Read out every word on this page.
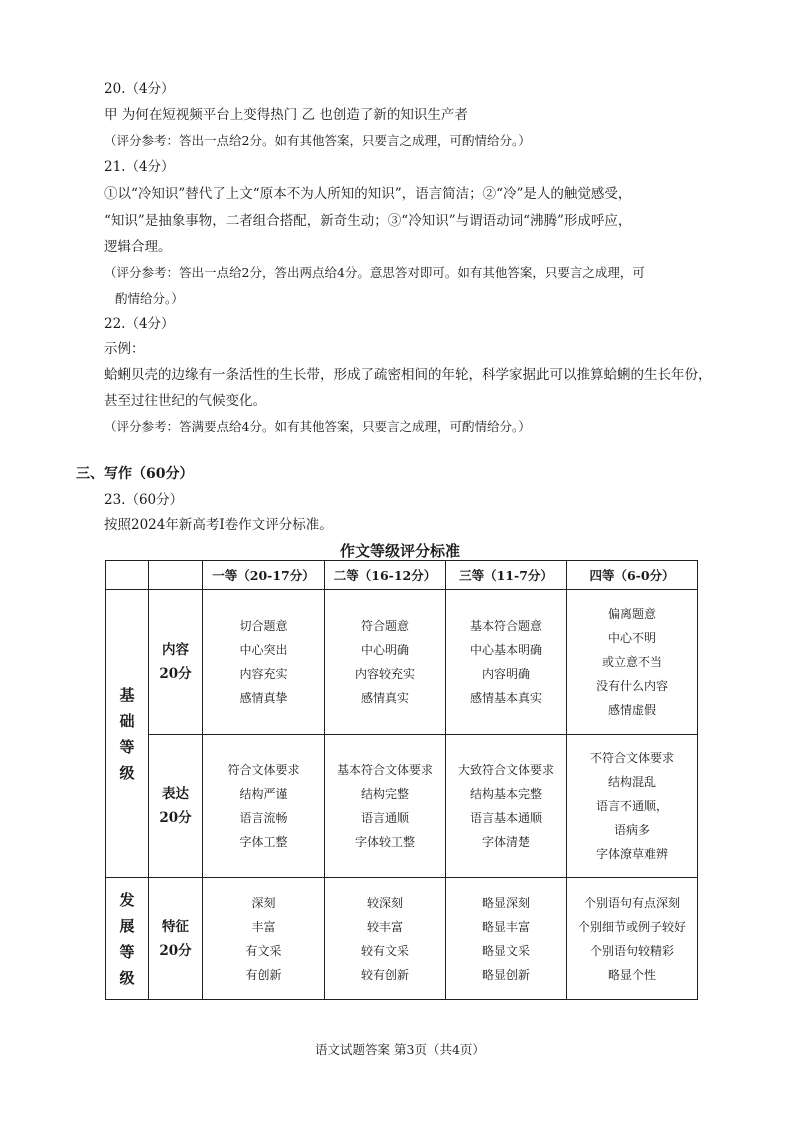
20.（4分）
甲 为何在短视频平台上变得热门 乙 也创造了新的知识生产者
（评分参考：答出一点给2分。如有其他答案，只要言之成理，可酌情给分。）
21.（4分）
①以“冷知识”替代了上文“原本不为人所知的知识”，语言简洁；②“冷”是人的触觉感受，
“知识”是抽象事物，二者组合搭配，新奇生动；③“冷知识”与谓语动词“沸腾”形成呼应，
逻辑合理。
（评分参考：答出一点给2分，答出两点给4分。意思答对即可。如有其他答案，只要言之成理，可
酌情给分。）
22.（4分）
示例：
蛤蜊贝壳的边缘有一条活性的生长带，形成了疏密相间的年轮，科学家据此可以推算蛤蜊的生长年份，
甚至过往世纪的气候变化。
（评分参考：答满要点给4分。如有其他答案，只要言之成理，可酌情给分。）
三、写作（60分）
23.（60分）
按照2024年新高考Ⅰ卷作文评分标准。
作文等级评分标准
		一等（20-17分）	二等（16-12分）	三等（11-7分）	四等（6-0分）

基
础
等
级	内容
20分	切合题意
中心突出
内容充实
感情真挚	符合题意
中心明确
内容较充实
感情真实	基本符合题意
中心基本明确
内容明确
感情基本真实	偏离题意
中心不明
或立意不当
没有什么内容
感情虚假

	表达
20分	符合文体要求
结构严谨
语言流畅
字体工整	基本符合文体要求
结构完整
语言通顺
字体较工整	大致符合文体要求
结构基本完整
语言基本通顺
字体清楚	不符合文体要求
结构混乱
语言不通顺，
语病多
字体潦草难辨

发
展
等
级	特征
20分	深刻
丰富
有文采
有创新	较深刻
较丰富
较有文采
较有创新	略显深刻
略显丰富
略显文采
略显创新	个别语句有点深刻
个别细节或例子较好
个别语句较精彩
略显个性
语文试题答案 第3页（共4页）
